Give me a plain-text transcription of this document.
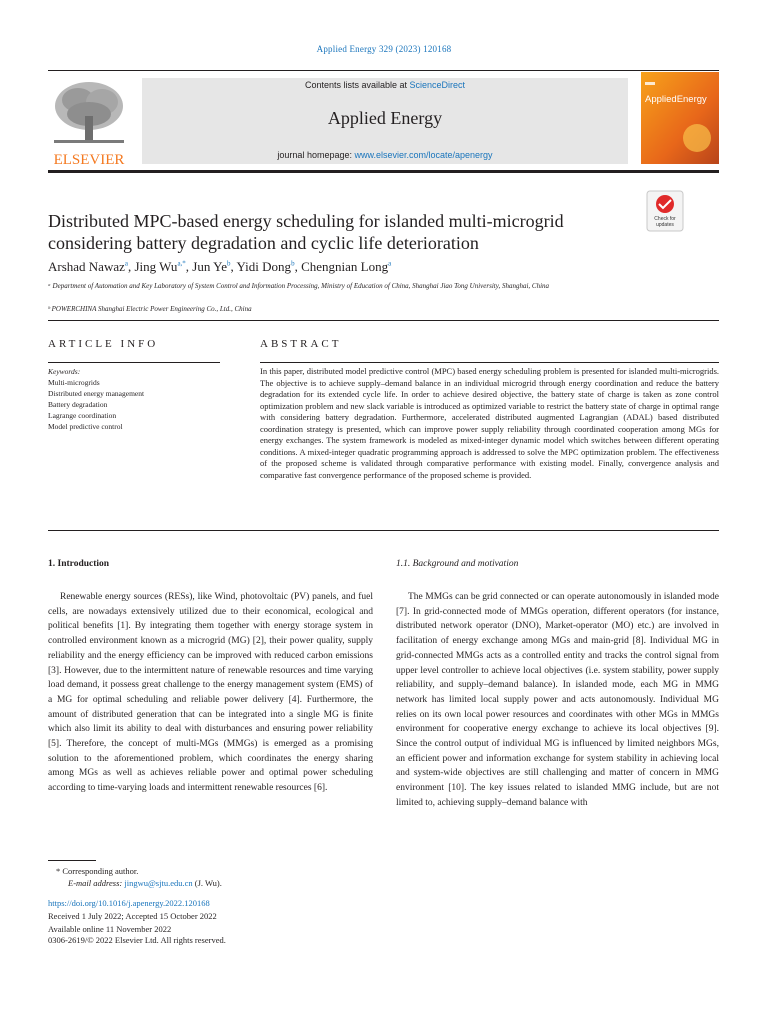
Applied Energy 329 (2023) 120168
ELSEVIER
Contents lists available at ScienceDirect
Applied Energy
journal homepage: www.elsevier.com/locate/apenergy
AppliedEnergy
Check for
updates
Distributed MPC-based energy scheduling for islanded multi-microgrid
considering battery degradation and cyclic life deterioration
Arshad Nawaz$^a$, Jing $Wu^{a,*}$, Jun Ye$^b$, Yidi Dong$^b$, Chengnian Long$^a$
ᵃ Department of Automation and Key Laboratory of System Control and Information Processing, Ministry of Education of China, Shanghai Jiao Tong University, Shanghai, China
ᵇ POWERCHINA Shanghai Electric Power Engineering Co., Ltd., China
ARTICLE INFO	ABSTRACT
Keywords:
Multi-microgrids
Distributed energy management
Battery degradation
Lagrange coordination
Model predictive control
In this paper, distributed model predictive control (MPC) based energy scheduling problem is presented for islanded multi-microgrids. The objective is to achieve supply–demand balance in an individual microgrid through energy coordination and reduce the battery degradation for its extended cycle life. In order to achieve desired objective, the battery state of charge is taken as zone control optimization problem and new slack variable is introduced as optimized variable to restrict the battery state of charge in optimal range with considering battery degradation. Furthermore, accelerated distributed augmented Lagrangian (ADAL) based distributed coordination strategy is presented, which can improve power supply reliability through coordinated cooperation among MGs for energy exchanges. The system framework is modeled as mixed-integer dynamic model which switches between different operating conditions. A mixed-integer quadratic programming approach is addressed to solve the MPC optimization problem. The effectiveness of the proposed scheme is validated through comparative performance with existing model. Finally, convergence analysis and comparative fast convergence performance of the proposed scheme is provided.
1. Introduction	1.1. Background and motivation
Renewable energy sources (RESs), like Wind, photovoltaic (PV) panels, and fuel cells, are nowadays extensively utilized due to their economical, ecological and political benefits [1]. By integrating them together with energy storage system in controlled environment known as a microgrid (MG) [2], their power quality, supply reliability and the energy efficiency can be improved with reduced carbon emissions [3]. However, due to the intermittent nature of renewable resources and time varying load demand, it possess great challenge to the energy management system (EMS) of a MG for optimal scheduling and reliable power delivery [4]. Furthermore, the amount of distributed generation that can be integrated into a single MG is finite which also limit its ability to deal with disturbances and ensuring power reliability [5]. Therefore, the concept of multi-MGs (MMGs) is emerged as a promising solution to the aforementioned problem, which coordinates the energy sharing among MGs as well as achieves reliable power and optimal power scheduling according to time-varying loads and intermittent renewable resources [6].
The MMGs can be grid connected or can operate autonomously in islanded mode [7]. In grid-connected mode of MMGs operation, different operators (for instance, distributed network operator (DNO), Market-operator (MO) etc.) are involved in facilitation of energy exchange among MGs and main-grid [8]. Individual MG in grid-connected MMGs acts as a controlled entity and tracks the control signal from upper level controller to achieve local objectives (i.e. system stability, power supply reliability, and supply–demand balance). In islanded mode, each MG in MMG network has limited local supply power and acts autonomously. Individual MG relies on its own local power resources and coordinates with other MGs in MMGs environment for cooperative energy exchange to achieve its local objectives [9]. Since the control output of individual MG is influenced by limited neighbors MGs, an efficient power and information exchange for system stability in achieving local and system-wide objectives are still challenging and matter of concern in MMG environment [10]. The key issues related to islanded MMG include, but are not limited to, achieving supply–demand balance with
* Corresponding author.
E-mail address: jingwu@sjtu.edu.cn (J. Wu).
https://doi.org/10.1016/j.apenergy.2022.120168
Received 1 July 2022; Accepted 15 October 2022
Available online 11 November 2022
0306-2619/© 2022 Elsevier Ltd. All rights reserved.
